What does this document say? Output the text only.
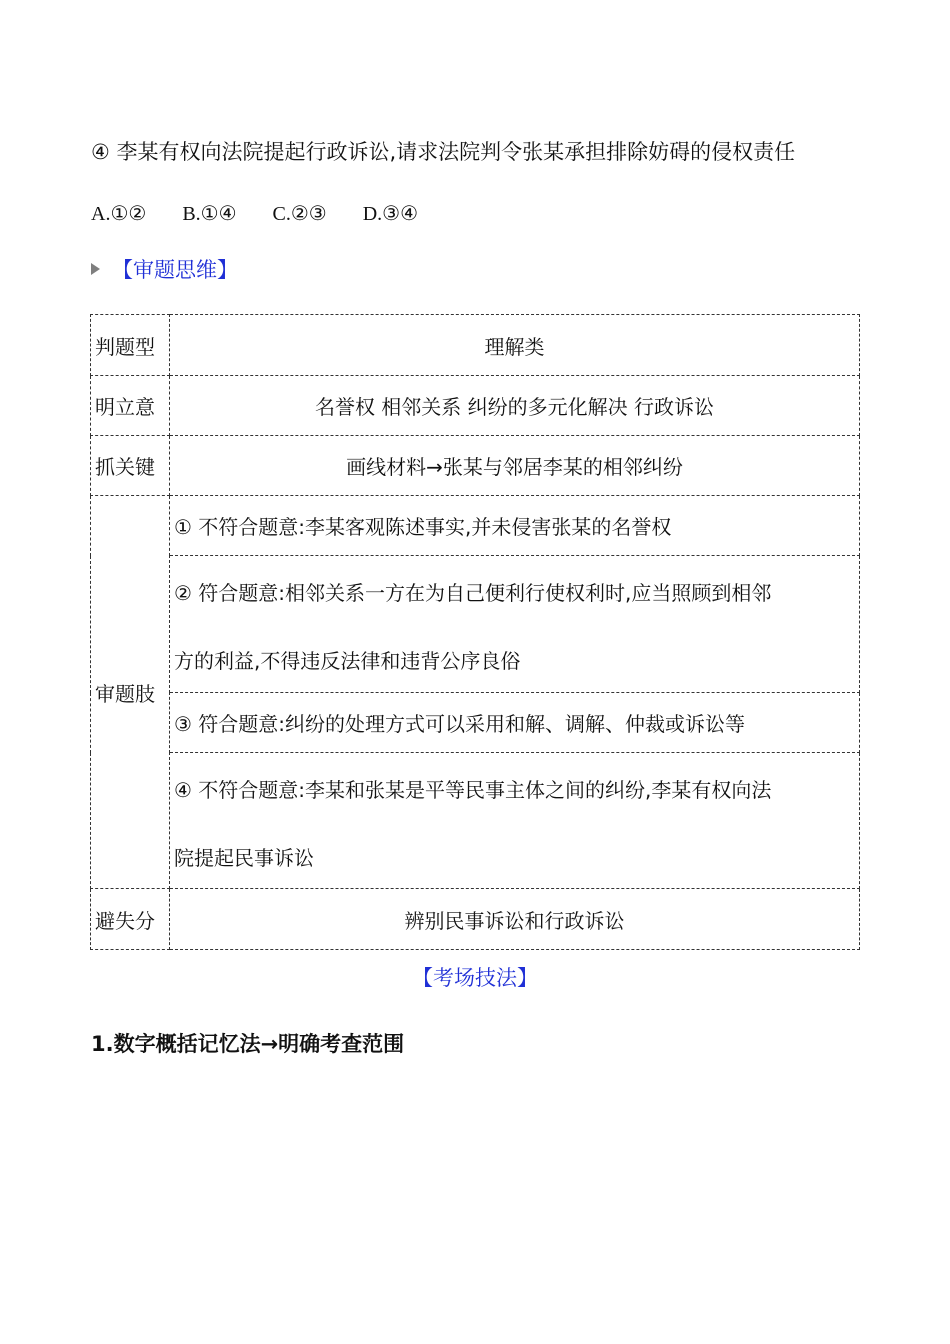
④ 李某有权向法院提起行政诉讼,请求法院判令张某承担排除妨碍的侵权责任
A.①② B.①④ C.②③ D.③④
【审题思维】
判题型	理解类
明立意	名誉权 相邻关系 纠纷的多元化解决 行政诉讼
抓关键	画线材料→张某与邻居李某的相邻纠纷
审题肢	① 不符合题意:李某客观陈述事实,并未侵害张某的名誉权

	② 符合题意:相邻关系一方在为自己便利行使权利时,应当照顾到相邻
方的利益,不得违反法律和违背公序良俗

	③ 符合题意:纠纷的处理方式可以采用和解、调解、仲裁或诉讼等

	④ 不符合题意:李某和张某是平等民事主体之间的纠纷,李某有权向法
院提起民事诉讼

避失分	辨别民事诉讼和行政诉讼
【考场技法】
1.数字概括记忆法→明确考查范围
